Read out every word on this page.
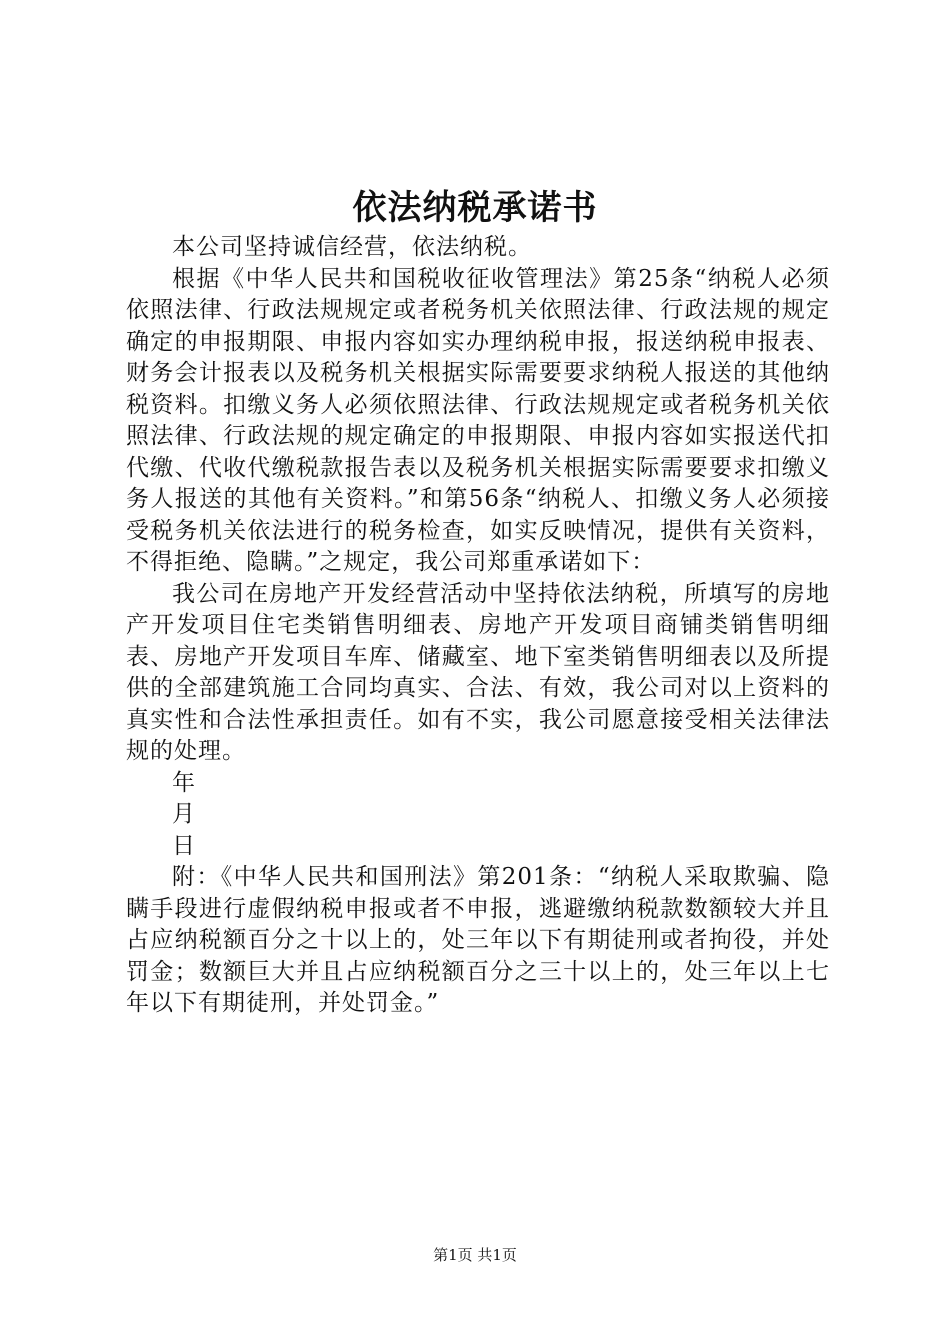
依法纳税承诺书

本公司坚持诚信经营，依法纳税。

根据《中华人民共和国税收征收管理法》第25条“纳税人必须依照法律、行政法规规定或者税务机关依照法律、行政法规的规定确定的申报期限、申报内容如实办理纳税申报，报送纳税申报表、财务会计报表以及税务机关根据实际需要要求纳税人报送的其他纳税资料。扣缴义务人必须依照法律、行政法规规定或者税务机关依照法律、行政法规的规定确定的申报期限、申报内容如实报送代扣代缴、代收代缴税款报告表以及税务机关根据实际需要要求扣缴义务人报送的其他有关资料。”和第56条“纳税人、扣缴义务人必须接受税务机关依法进行的税务检查，如实反映情况，提供有关资料，不得拒绝、隐瞒。”之规定，我公司郑重承诺如下：

我公司在房地产开发经营活动中坚持依法纳税，所填写的房地产开发项目住宅类销售明细表、房地产开发项目商铺类销售明细表、房地产开发项目车库、储藏室、地下室类销售明细表以及所提供的全部建筑施工合同均真实、合法、有效，我公司对以上资料的真实性和合法性承担责任。如有不实，我公司愿意接受相关法律法规的处理。

年
月
日

附：《中华人民共和国刑法》第201条：“纳税人采取欺骗、隐瞒手段进行虚假纳税申报或者不申报，逃避缴纳税款数额较大并且占应纳税额百分之十以上的，处三年以下有期徒刑或者拘役，并处罚金；数额巨大并且占应纳税额百分之三十以上的，处三年以上七年以下有期徒刑，并处罚金。”

第1页 共1页
